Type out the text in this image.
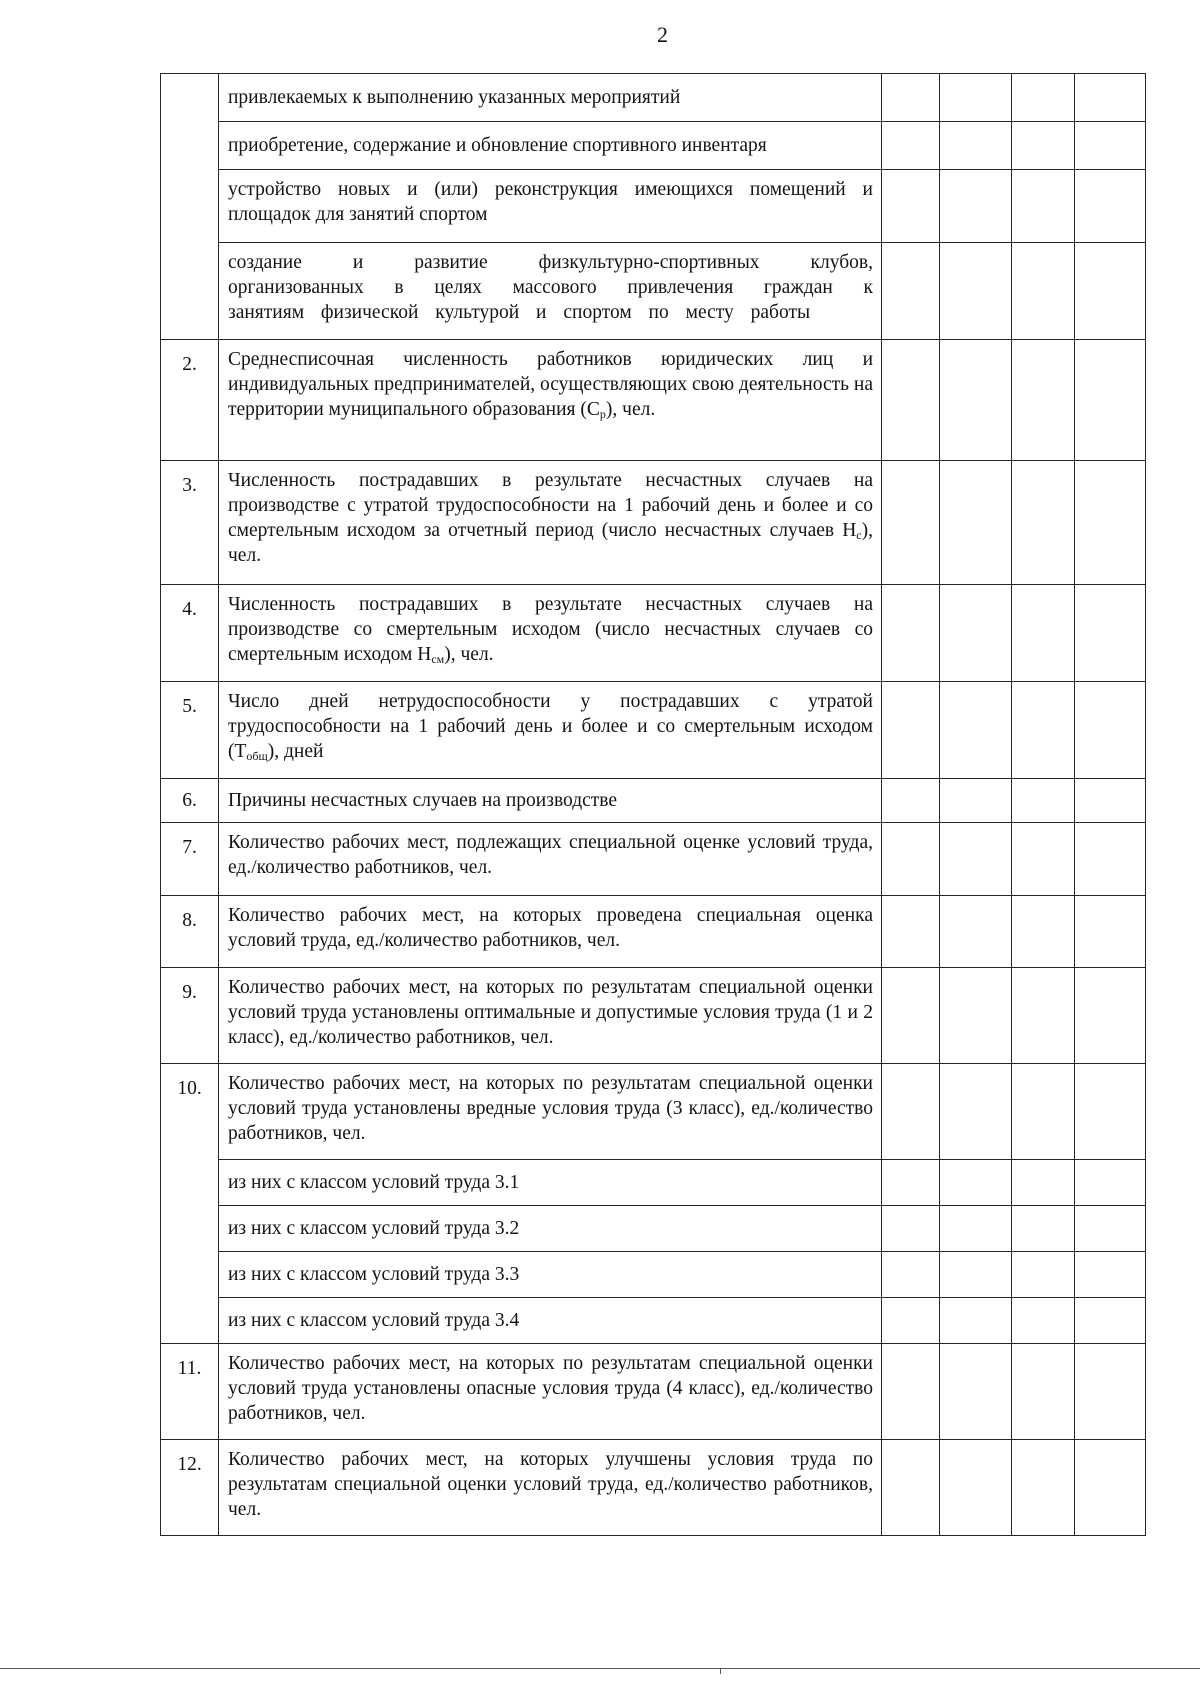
2
	привлекаемых к выполнению указанных мероприятий				
	приобретение, содержание и обновление спортивного инвентаря				
	устройство новых и (или) реконструкция имеющихся помещений и площадок для занятий спортом				
	создание и развитие физкультурно-спортивных клубов, организованных в целях массового привлечения граждан к занятиям физической культурой и спортом по месту работы				
2.	Среднесписочная численность работников юридических лиц и индивидуальных предпринимателей, осуществляющих свою деятельность на территории муниципального образования $(C_р)$, чел.				
3.	Численность пострадавших в результате несчастных случаев на производстве с утратой трудоспособности на 1 рабочий день и более и со смертельным исходом за отчетный период (число несчастных случаев $Н_с$), чел.				
4.	Численность пострадавших в результате несчастных случаев на производстве со смертельным исходом (число несчастных случаев со смертельным исходом $Н_{см}$), чел.				
5.	Число дней нетрудоспособности у пострадавших с утратой трудоспособности на 1 рабочий день и более и со смертельным исходом $(Т_{общ})$, дней				
6.	Причины несчастных случаев на производстве				
7.	Количество рабочих мест, подлежащих специальной оценке условий труда, ед./количество работников, чел.				
8.	Количество рабочих мест, на которых проведена специальная оценка условий труда, ед./количество работников, чел.				
9.	Количество рабочих мест, на которых по результатам специальной оценки условий труда установлены оптимальные и допустимые условия труда (1 и 2 класс), ед./количество работников, чел.				
10.	Количество рабочих мест, на которых по результатам специальной оценки условий труда установлены вредные условия труда (3 класс), ед./количество работников, чел.				
	из них с классом условий труда 3.1				
	из них с классом условий труда 3.2				
	из них с классом условий труда 3.3				
	из них с классом условий труда 3.4				
11.	Количество рабочих мест, на которых по результатам специальной оценки условий труда установлены опасные условия труда (4 класс), ед./количество работников, чел.				
12.	Количество рабочих мест, на которых улучшены условия труда по результатам специальной оценки условий труда, ед./количество работников, чел.				
